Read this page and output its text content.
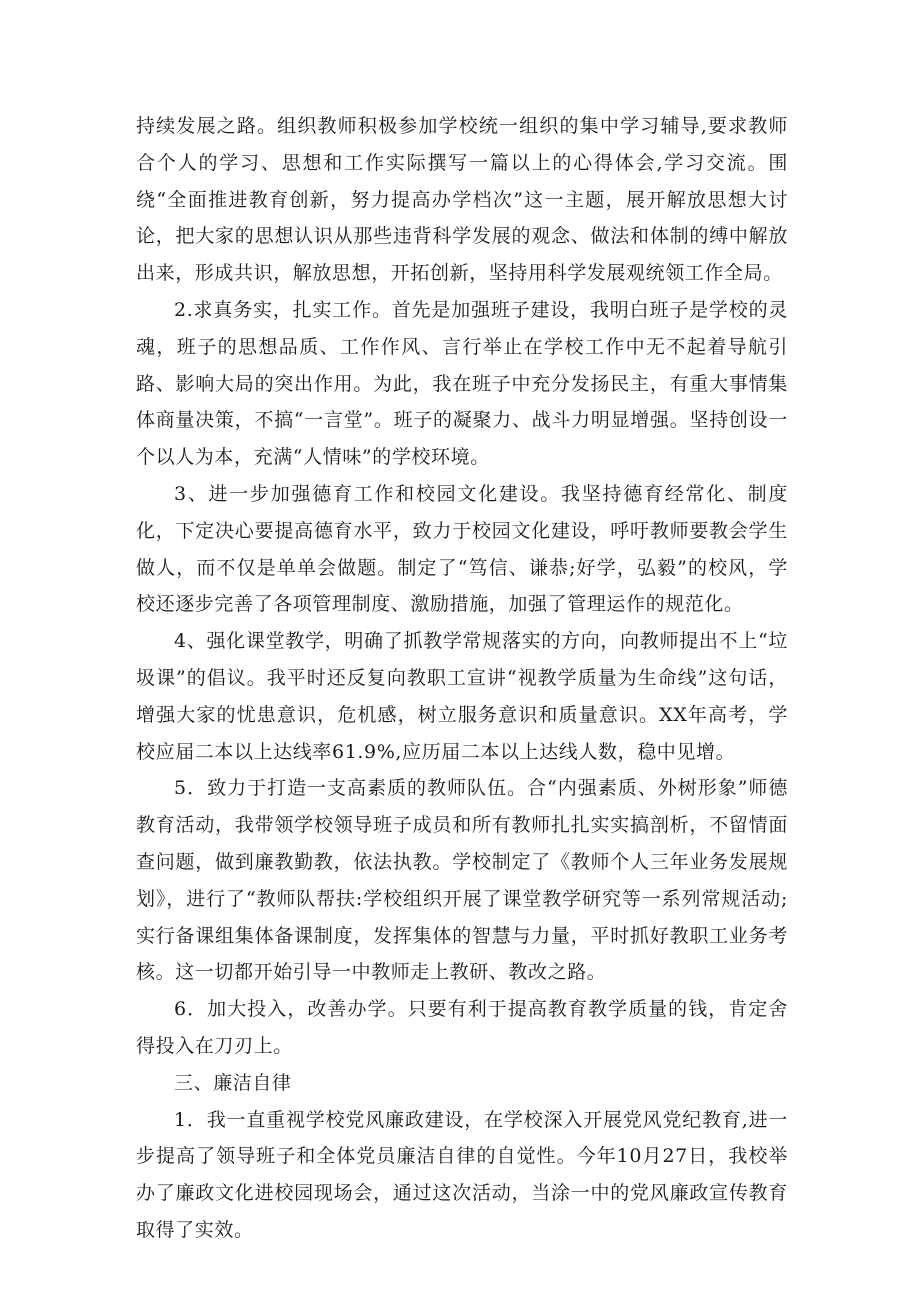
持续发展之路。组织教师积极参加学校统一组织的集中学习辅导,要求教师合个人的学习、思想和工作实际撰写一篇以上的心得体会,学习交流。围绕“全面推进教育创新，努力提高办学档次”这一主题，展开解放思想大讨论，把大家的思想认识从那些违背科学发展的观念、做法和体制的缚中解放出来，形成共识，解放思想，开拓创新，坚持用科学发展观统领工作全局。

2.求真务实，扎实工作。首先是加强班子建设，我明白班子是学校的灵魂，班子的思想品质、工作作风、言行举止在学校工作中无不起着导航引路、影响大局的突出作用。为此，我在班子中充分发扬民主，有重大事情集体商量决策，不搞“一言堂”。班子的凝聚力、战斗力明显增强。坚持创设一个以人为本，充满“人情味”的学校环境。

3、进一步加强德育工作和校园文化建设。我坚持德育经常化、制度化，下定决心要提高德育水平，致力于校园文化建设，呼吁教师要教会学生做人，而不仅是单单会做题。制定了“笃信、谦恭;好学，弘毅”的校风，学校还逐步完善了各项管理制度、激励措施，加强了管理运作的规范化。

4、强化课堂教学，明确了抓教学常规落实的方向，向教师提出不上“垃圾课”的倡议。我平时还反复向教职工宣讲“视教学质量为生命线”这句话，增强大家的忧患意识，危机感，树立服务意识和质量意识。XX年高考，学校应届二本以上达线率61.9%,应历届二本以上达线人数，稳中见增。

5．致力于打造一支高素质的教师队伍。合“内强素质、外树形象”师德教育活动，我带领学校领导班子成员和所有教师扎扎实实搞剖析，不留情面查问题，做到廉教勤教，依法执教。学校制定了《教师个人三年业务发展规划》，进行了“教师队帮扶:学校组织开展了课堂教学研究等一系列常规活动;实行备课组集体备课制度，发挥集体的智慧与力量，平时抓好教职工业务考核。这一切都开始引导一中教师走上教研、教改之路。

6．加大投入，改善办学。只要有利于提高教育教学质量的钱，肯定舍得投入在刀刃上。

三、廉洁自律

1．我一直重视学校党风廉政建设，在学校深入开展党风党纪教育,进一步提高了领导班子和全体党员廉洁自律的自觉性。今年10月27日，我校举办了廉政文化进校园现场会，通过这次活动，当涂一中的党风廉政宣传教育取得了实效。
